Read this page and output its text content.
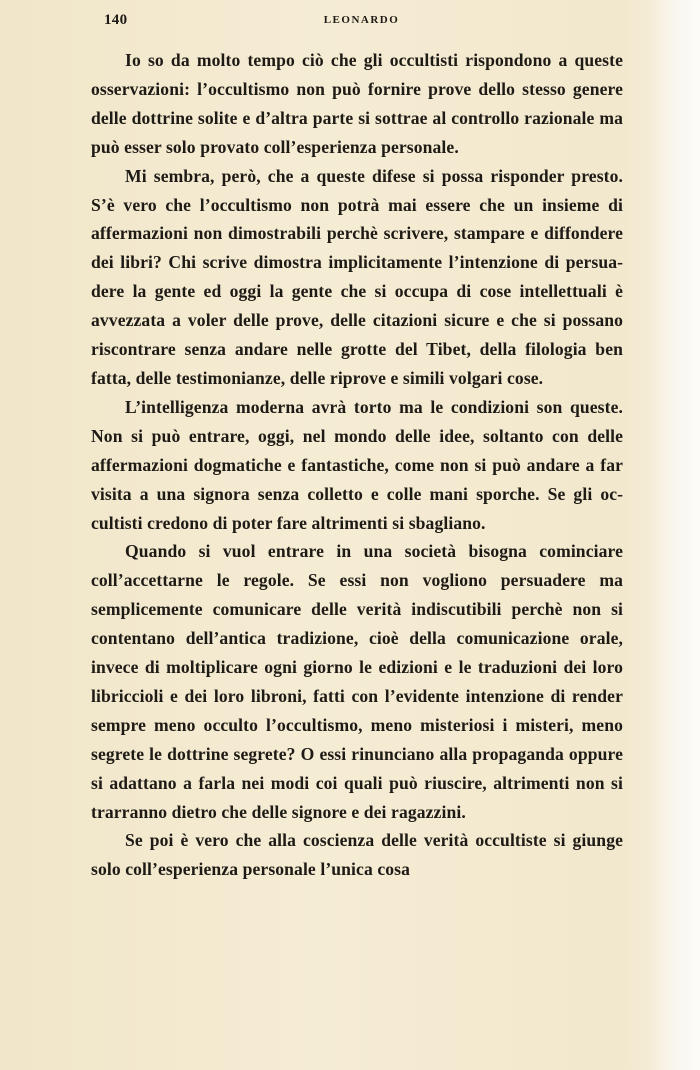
140	LEONARDO

Io so da molto tempo ciò che gli occultisti rispondono a queste osservazioni: l’occultismo non può fornire prove dello stesso genere delle dottrine solite e d’altra parte si sottrae al controllo razionale ma può esser solo provato coll’esperienza personale.

Mi sembra, però, che a queste difese si possa risponder presto. S’è vero che l’occultismo non potrà mai essere che un insieme di affermazioni non dimostrabili perchè scrivere, stampare e diffondere dei libri? Chi scrive dimostra implicitamente l’intenzione di persuadere la gente ed oggi la gente che si occupa di cose intellettuali è avvezzata a voler delle prove, delle citazioni sicure e che si possano riscontrare senza andare nelle grotte del Tibet, della filologia ben fatta, delle testimonianze, delle riprove e simili volgari cose.

L’intelligenza moderna avrà torto ma le condizioni son queste. Non si può entrare, oggi, nel mondo delle idee, soltanto con delle affermazioni dogmatiche e fantastiche, come non si può andare a far visita a una signora senza colletto e colle mani sporche. Se gli occultisti credono di poter fare altrimenti si sbagliano.

Quando si vuol entrare in una società bisogna cominciare coll’accettarne le regole. Se essi non vogliono persuadere ma semplicemente comunicare delle verità indiscutibili perchè non si contentano dell’antica tradizione, cioè della comunicazione orale, invece di moltiplicare ogni giorno le edizioni e le traduzioni dei loro libriccioli e dei loro libroni, fatti con l’evidente intenzione di render sempre meno occulto l’occultismo, meno misteriosi i misteri, meno segrete le dottrine segrete? O essi rinunciano alla propaganda oppure si adattano a farla nei modi coi quali può riuscire, altrimenti non si trarranno dietro che delle signore e dei ragazzini.

Se poi è vero che alla coscienza delle verità occultiste si giunge solo coll’esperienza personale l’unica cosa
